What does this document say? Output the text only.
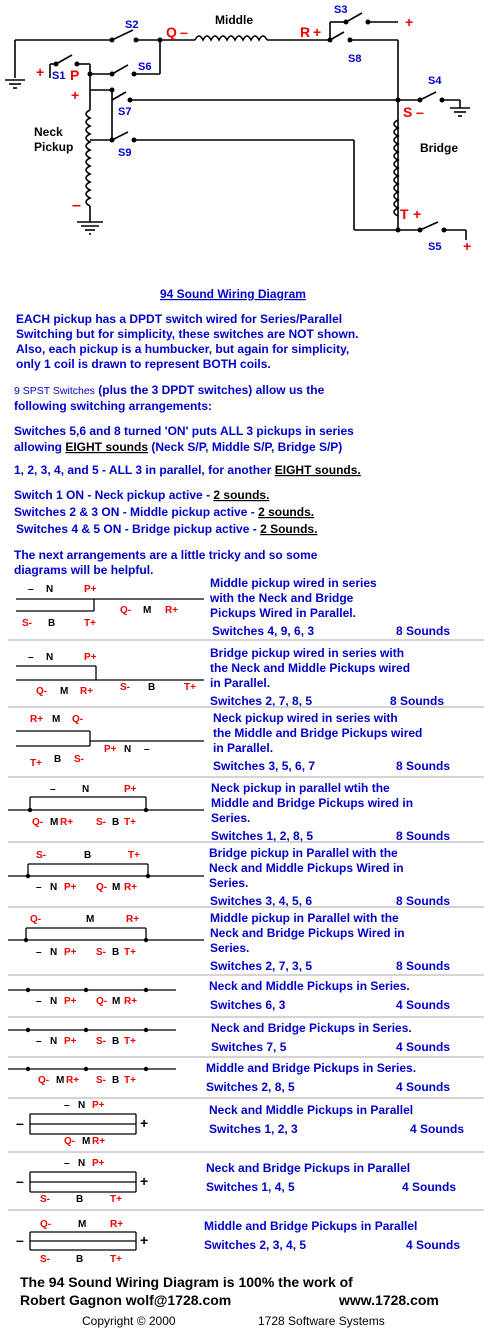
S2	Middle
Q –	R +
S3
+
S8
+ S1 P
+
S6
S7
S9
Neck
Pickup
–
S4
S –
Bridge
T +
S5 +
94 Sound Wiring Diagram
EACH pickup has a DPDT switch wired for Series/Parallel
Switching but for simplicity, these switches are NOT shown.
Also, each pickup is a humbucker, but again for simplicity,
only 1 coil is drawn to represent BOTH coils.
9 SPST Switches (plus the 3 DPDT switches) allow us the
following switching arrangements:
Switches 5,6 and 8 turned 'ON' puts ALL 3 pickups in series
allowing EIGHT sounds (Neck S/P, Middle S/P, Bridge S/P)
1, 2, 3, 4, and 5 - ALL 3 in parallel, for another EIGHT sounds.
Switch 1 ON - Neck pickup active - 2 sounds.
Switches 2 & 3 ON - Middle pickup active - 2 sounds.
Switches 4 & 5 ON - Bridge pickup active - 2 Sounds.
The next arrangements are a little tricky and so some
diagrams will be helpful.
Middle pickup wired in series
with the Neck and Bridge
Pickups Wired in Parallel.
Switches 4, 9, 6, 3	8 Sounds
Bridge pickup wired in series with
the Neck and Middle Pickups wired
in Parallel.
Switches 2, 7, 8, 5	8 Sounds
Neck pickup wired in series with
the Middle and Bridge Pickups wired
in Parallel.
Switches 3, 5, 6, 7	8 Sounds
Neck pickup in parallel wtih the
Middle and Bridge Pickups wired in
Series.
Switches 1, 2, 8, 5	8 Sounds
Bridge pickup in Parallel with the
Neck and Middle Pickups Wired in
Series.
Switches 3, 4, 5, 6	8 Sounds
Middle pickup in Parallel with the
Neck and Bridge Pickups Wired in
Series.
Switches 2, 7, 3, 5	8 Sounds
Neck and Middle Pickups in Series.
Switches 6, 3	4 Sounds
Neck and Bridge Pickups in Series.
Switches 7, 5	4 Sounds
Middle and Bridge Pickups in Series.
Switches 2, 8, 5	4 Sounds
Neck and Middle Pickups in Parallel
Switches 1, 2, 3	4 Sounds
Neck and Bridge Pickups in Parallel
Switches 1, 4, 5	4 Sounds
Middle and Bridge Pickups in Parallel
Switches 2, 3, 4, 5	4 Sounds
– N	P+
Q- M R+
S- B	T+
– N	P+
Q- M R+	S- B	T+
R+ M Q-
P+ N –
T+ B S-
–	N	P+
Q- M R+ S- B T+
S-	B	T+
– N P+ Q- M R+
Q-	M	R+
– N P+ S- B T+
– N P+ Q- M R+
– N P+ S- B T+
Q- M R+ S- B T+
– N P+
–	+
Q- M R+
– N P+
–	+
S-	B	T+
Q-	M R+
–	+
S-	B	T+
The 94 Sound Wiring Diagram is 100% the work of
Robert Gagnon wolf@1728.com	www.1728.com
Copyright © 2000	1728 Software Systems
